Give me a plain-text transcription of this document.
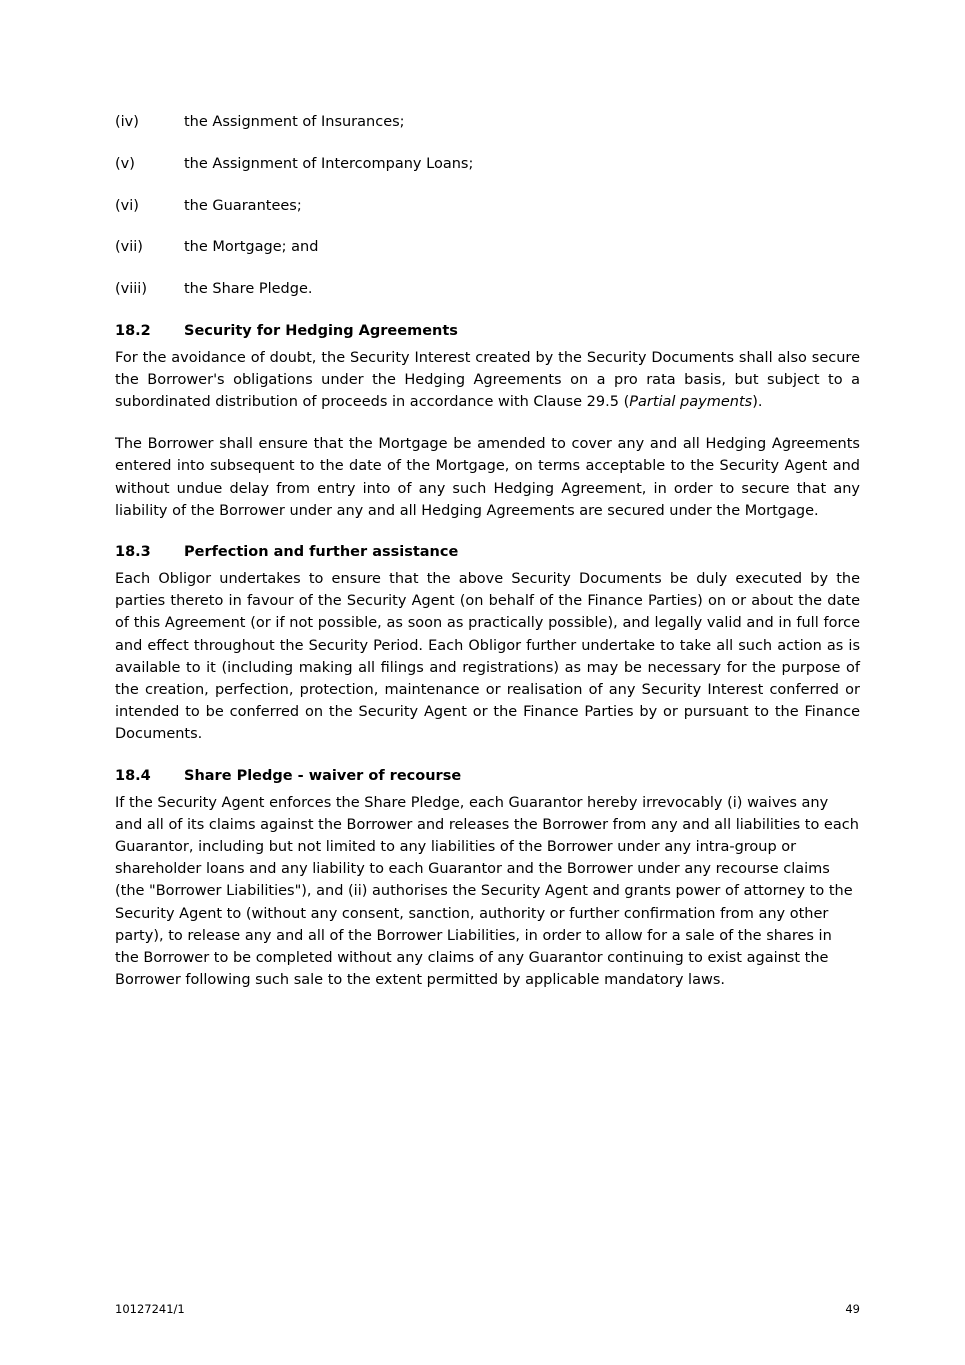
(iv)	the Assignment of Insurances;
(v)	the Assignment of Intercompany Loans;
(vi)	the Guarantees;
(vii)	the Mortgage; and
(viii)	the Share Pledge.
18.2	Security for Hedging Agreements

For the avoidance of doubt, the Security Interest created by the Security Documents shall also secure the Borrower's obligations under the Hedging Agreements on a pro rata basis, but subject to a subordinated distribution of proceeds in accordance with Clause 29.5 (Partial payments).

The Borrower shall ensure that the Mortgage be amended to cover any and all Hedging Agreements entered into subsequent to the date of the Mortgage, on terms acceptable to the Security Agent and without undue delay from entry into of any such Hedging Agreement, in order to secure that any liability of the Borrower under any and all Hedging Agreements are secured under the Mortgage.

18.3	Perfection and further assistance

Each Obligor undertakes to ensure that the above Security Documents be duly executed by the parties thereto in favour of the Security Agent (on behalf of the Finance Parties) on or about the date of this Agreement (or if not possible, as soon as practically possible), and legally valid and in full force and effect throughout the Security Period. Each Obligor further undertake to take all such action as is available to it (including making all filings and registrations) as may be necessary for the purpose of the creation, perfection, protection, maintenance or realisation of any Security Interest conferred or intended to be conferred on the Security Agent or the Finance Parties by or pursuant to the Finance Documents.

18.4	Share Pledge - waiver of recourse

If the Security Agent enforces the Share Pledge, each Guarantor hereby irrevocably (i) waives any and all of its claims against the Borrower and releases the Borrower from any and all liabilities to each Guarantor, including but not limited to any liabilities of the Borrower under any intra-group or shareholder loans and any liability to each Guarantor and the Borrower under any recourse claims (the "Borrower Liabilities"), and (ii) authorises the Security Agent and grants power of attorney to the Security Agent to (without any consent, sanction, authority or further confirmation from any other party), to release any and all of the Borrower Liabilities, in order to allow for a sale of the shares in the Borrower to be completed without any claims of any Guarantor continuing to exist against the Borrower following such sale to the extent permitted by applicable mandatory laws.

10127241/1	49
